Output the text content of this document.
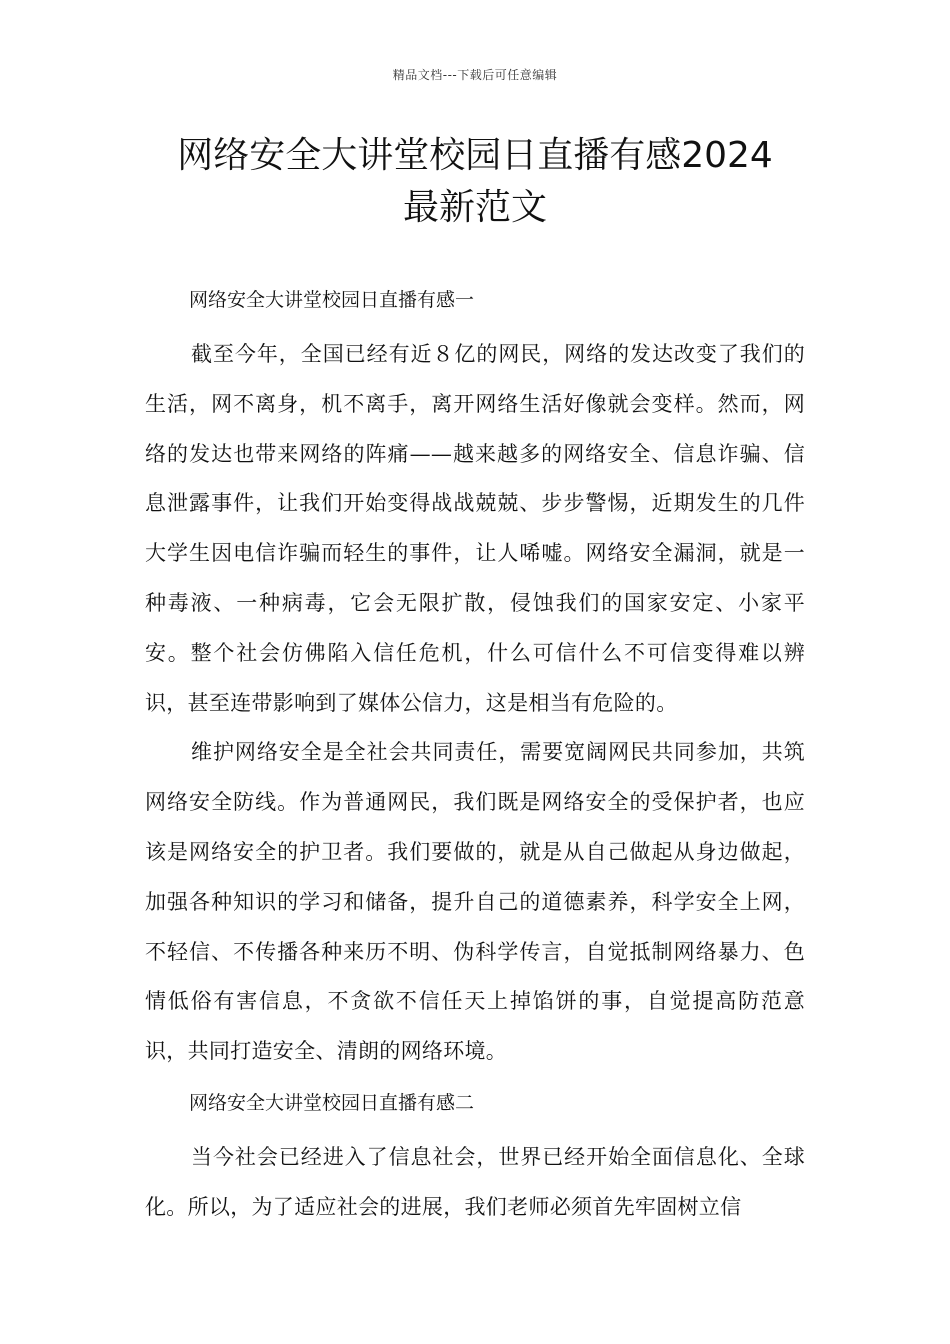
精品文档---下载后可任意编辑
网络安全大讲堂校园日直播有感2024
最新范文
网络安全大讲堂校园日直播有感一

截至今年，全国已经有近８亿的网民，网络的发达改变了我们的生活，网不离身，机不离手，离开网络生活好像就会变样。然而，网络的发达也带来网络的阵痛——越来越多的网络安全、信息诈骗、信息泄露事件，让我们开始变得战战兢兢、步步警惕，近期发生的几件大学生因电信诈骗而轻生的事件，让人唏嘘。网络安全漏洞，就是一种毒液、一种病毒，它会无限扩散，侵蚀我们的国家安定、小家平安。整个社会仿佛陷入信任危机，什么可信什么不可信变得难以辨识，甚至连带影响到了媒体公信力，这是相当有危险的。

维护网络安全是全社会共同责任，需要宽阔网民共同参加，共筑网络安全防线。作为普通网民，我们既是网络安全的受保护者，也应该是网络安全的护卫者。我们要做的，就是从自己做起从身边做起，加强各种知识的学习和储备，提升自己的道德素养，科学安全上网，不轻信、不传播各种来历不明、伪科学传言，自觉抵制网络暴力、色情低俗有害信息，不贪欲不信任天上掉馅饼的事，自觉提高防范意识，共同打造安全、清朗的网络环境。

网络安全大讲堂校园日直播有感二

当今社会已经进入了信息社会，世界已经开始全面信息化、全球化。所以，为了适应社会的进展，我们老师必须首先牢固树立信
